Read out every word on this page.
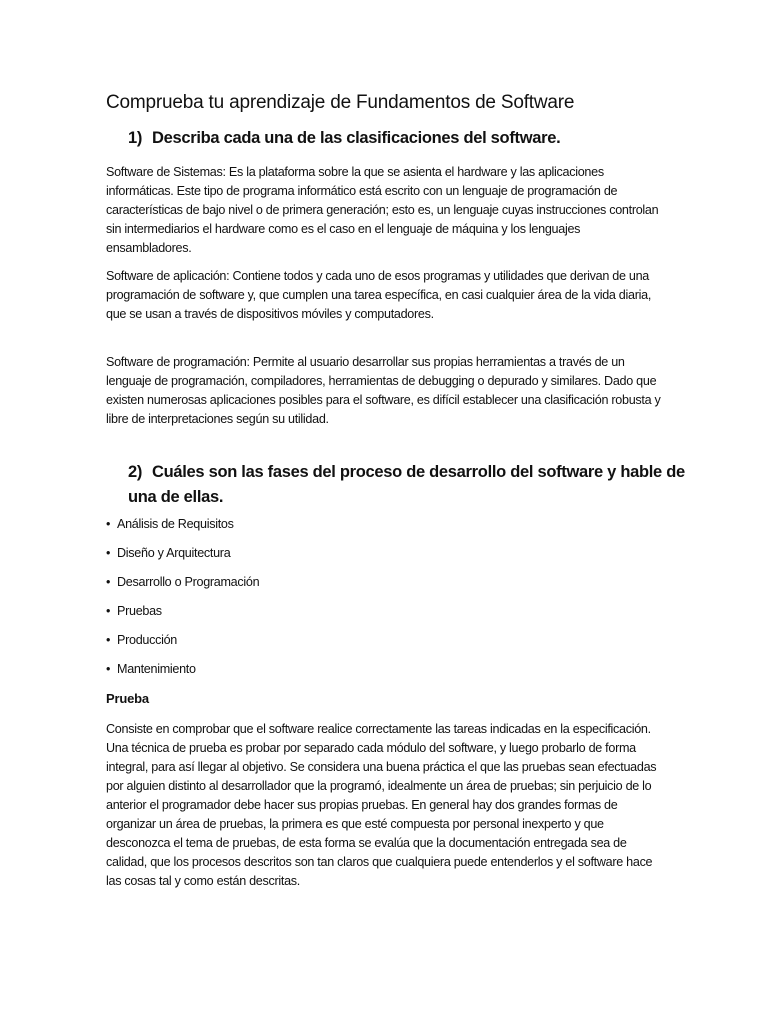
Comprueba tu aprendizaje de Fundamentos de Software
1) Describa cada una de las clasificaciones del software.
Software de Sistemas: Es la plataforma sobre la que se asienta el hardware y las aplicaciones informáticas. Este tipo de programa informático está escrito con un lenguaje de programación de características de bajo nivel o de primera generación; esto es, un lenguaje cuyas instrucciones controlan sin intermediarios el hardware como es el caso en el lenguaje de máquina y los lenguajes ensambladores.
Software de aplicación: Contiene todos y cada uno de esos programas y utilidades que derivan de una programación de software y, que cumplen una tarea específica, en casi cualquier área de la vida diaria, que se usan a través de dispositivos móviles y computadores.
Software de programación: Permite al usuario desarrollar sus propias herramientas a través de un lenguaje de programación, compiladores, herramientas de debugging o depurado y similares. Dado que existen numerosas aplicaciones posibles para el software, es difícil establecer una clasificación robusta y libre de interpretaciones según su utilidad.
2) Cuáles son las fases del proceso de desarrollo del software y hable de una de ellas.
• Análisis de Requisitos
• Diseño y Arquitectura
• Desarrollo o Programación
• Pruebas
• Producción
• Mantenimiento
Prueba
Consiste en comprobar que el software realice correctamente las tareas indicadas en la especificación. Una técnica de prueba es probar por separado cada módulo del software, y luego probarlo de forma integral, para así llegar al objetivo. Se considera una buena práctica el que las pruebas sean efectuadas por alguien distinto al desarrollador que la programó, idealmente un área de pruebas; sin perjuicio de lo anterior el programador debe hacer sus propias pruebas. En general hay dos grandes formas de organizar un área de pruebas, la primera es que esté compuesta por personal inexperto y que desconozca el tema de pruebas, de esta forma se evalúa que la documentación entregada sea de calidad, que los procesos descritos son tan claros que cualquiera puede entenderlos y el software hace las cosas tal y como están descritas.
